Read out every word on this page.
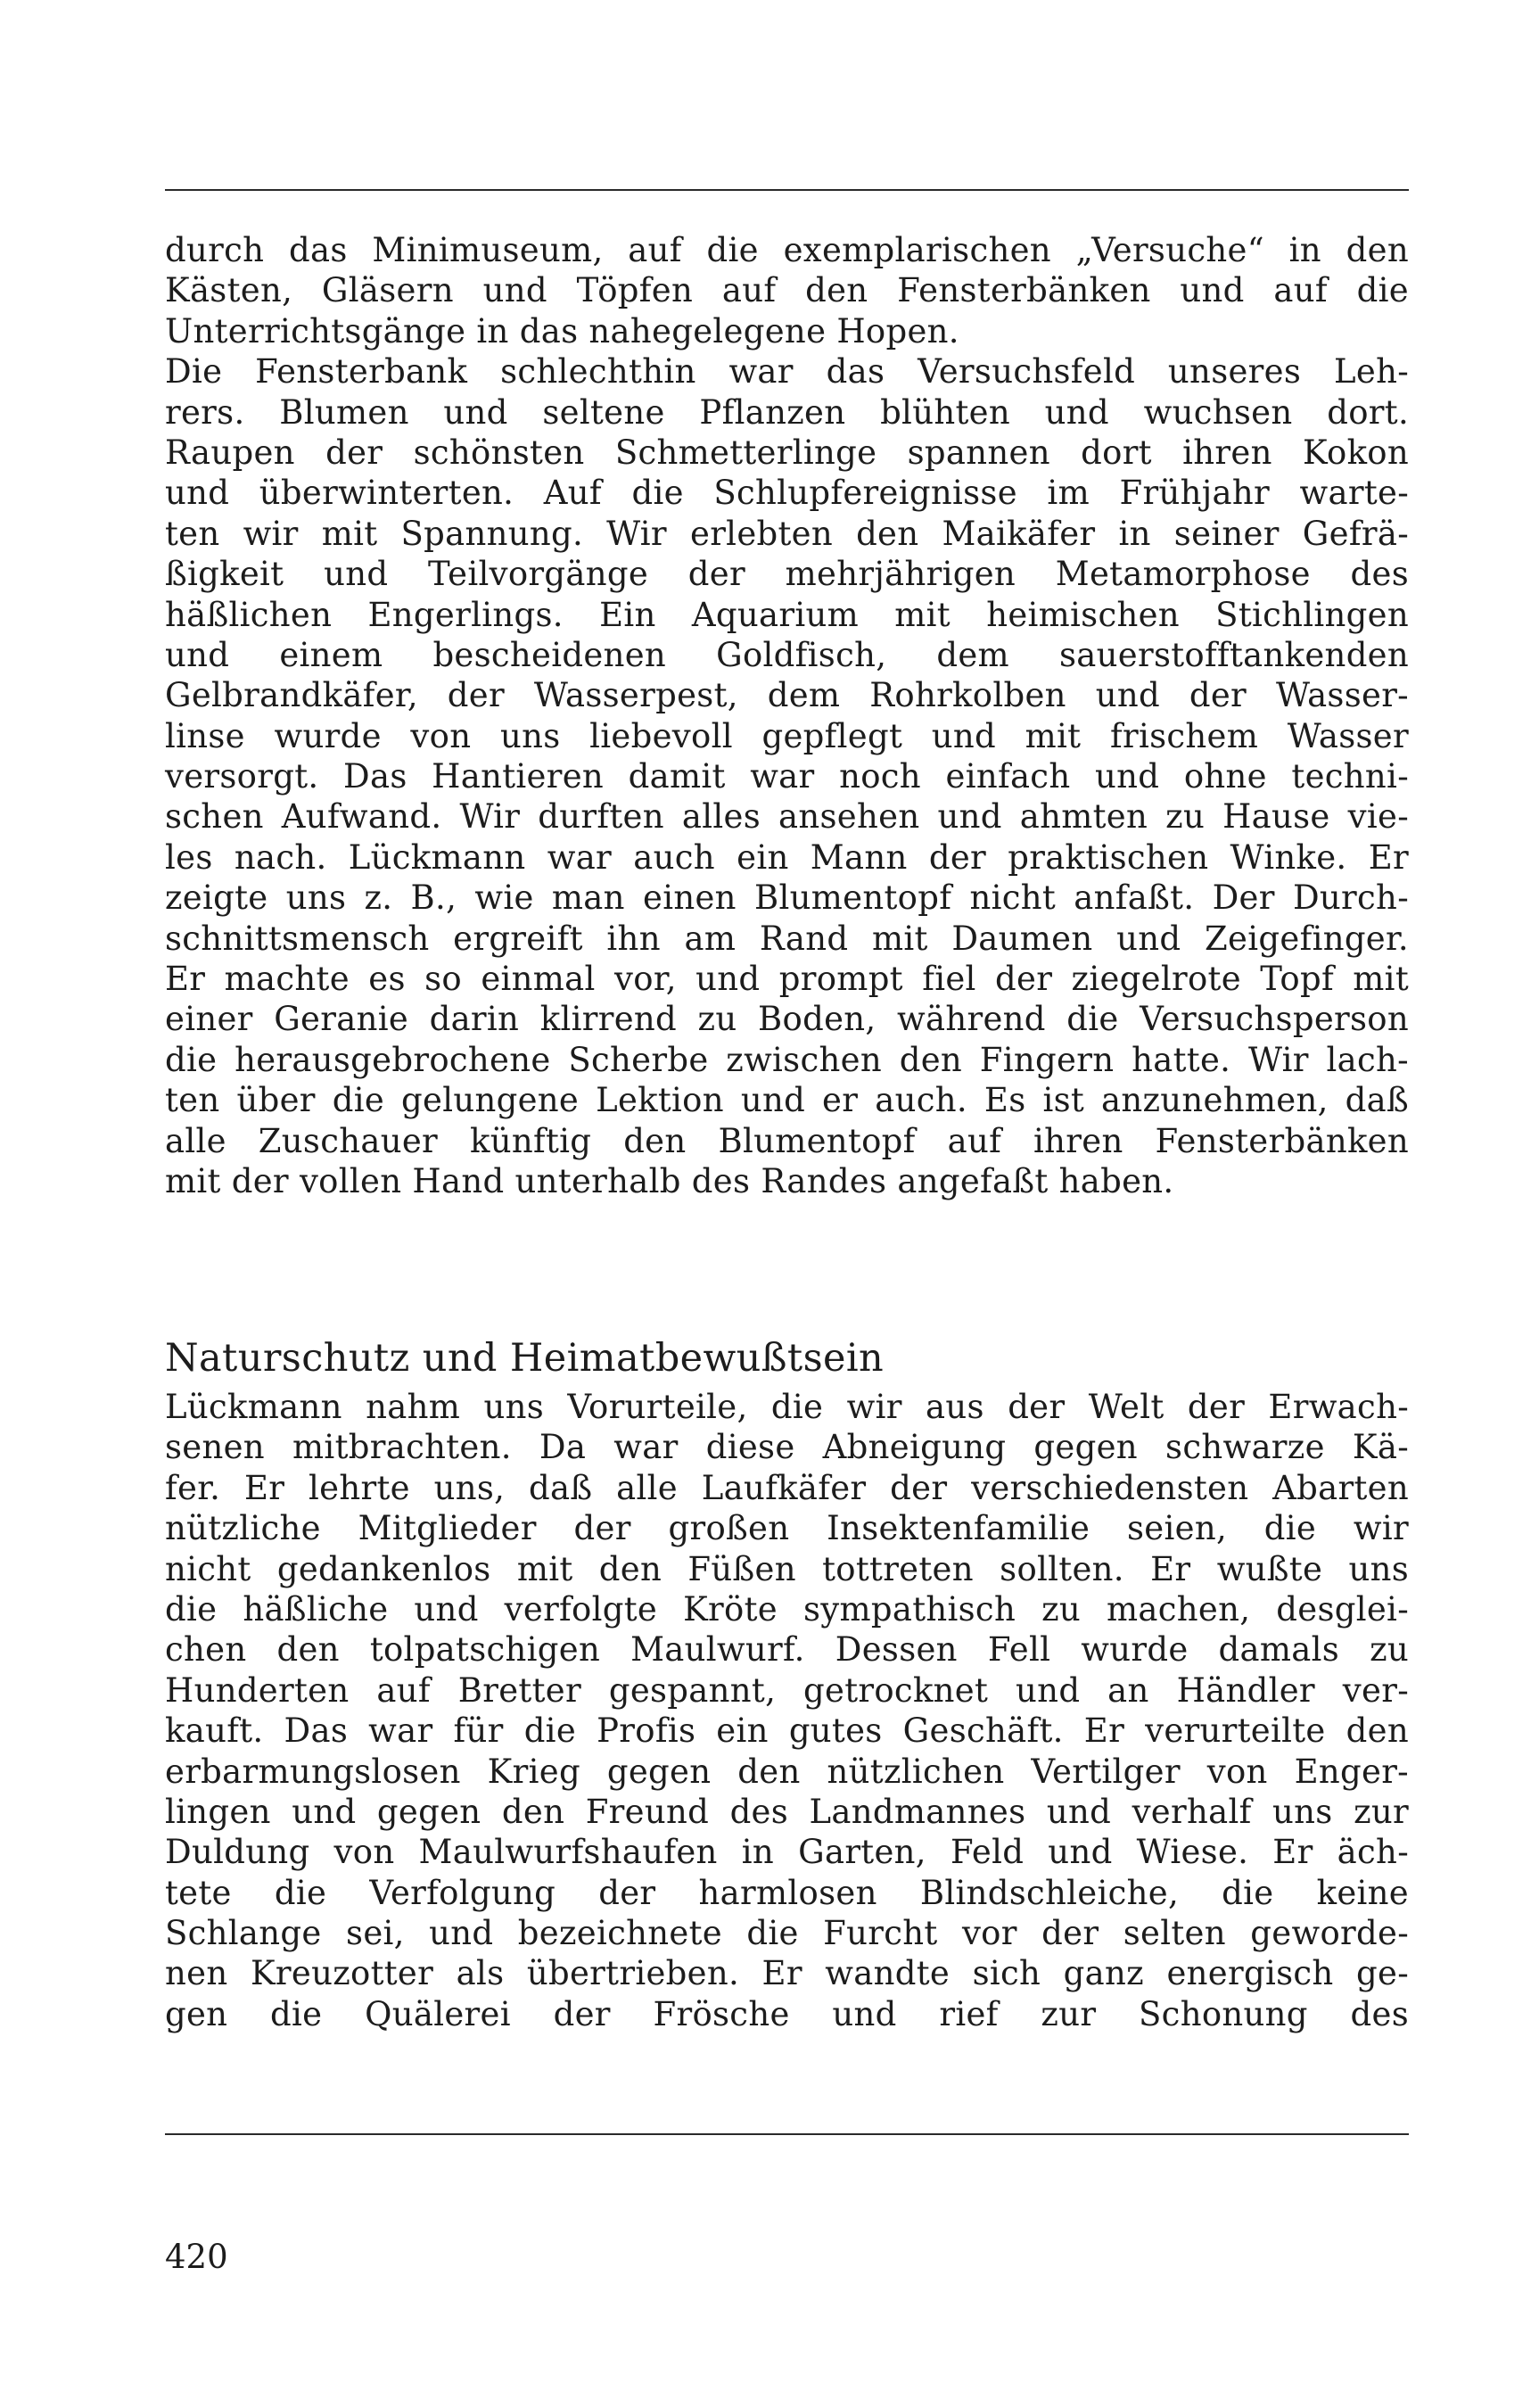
durch das Minimuseum, auf die exemplarischen „Versuche“ in den
Kästen, Gläsern und Töpfen auf den Fensterbänken und auf die
Unterrichtsgänge in das nahegelegene Hopen.
Die Fensterbank schlechthin war das Versuchsfeld unseres Leh-
rers. Blumen und seltene Pflanzen blühten und wuchsen dort.
Raupen der schönsten Schmetterlinge spannen dort ihren Kokon
und überwinterten. Auf die Schlupfereignisse im Frühjahr warte-
ten wir mit Spannung. Wir erlebten den Maikäfer in seiner Gefrä-
ßigkeit und Teilvorgänge der mehrjährigen Metamorphose des
häßlichen Engerlings. Ein Aquarium mit heimischen Stichlingen
und einem bescheidenen Goldfisch, dem sauerstofftankenden
Gelbrandkäfer, der Wasserpest, dem Rohrkolben und der Wasser-
linse wurde von uns liebevoll gepflegt und mit frischem Wasser
versorgt. Das Hantieren damit war noch einfach und ohne techni-
schen Aufwand. Wir durften alles ansehen und ahmten zu Hause vie-
les nach. Lückmann war auch ein Mann der praktischen Winke. Er
zeigte uns z. B., wie man einen Blumentopf nicht anfaßt. Der Durch-
schnittsmensch ergreift ihn am Rand mit Daumen und Zeigefinger.
Er machte es so einmal vor, und prompt fiel der ziegelrote Topf mit
einer Geranie darin klirrend zu Boden, während die Versuchsperson
die herausgebrochene Scherbe zwischen den Fingern hatte. Wir lach-
ten über die gelungene Lektion und er auch. Es ist anzunehmen, daß
alle Zuschauer künftig den Blumentopf auf ihren Fensterbänken
mit der vollen Hand unterhalb des Randes angefaßt haben.
Naturschutz und Heimatbewußtsein
Lückmann nahm uns Vorurteile, die wir aus der Welt der Erwach-
senen mitbrachten. Da war diese Abneigung gegen schwarze Kä-
fer. Er lehrte uns, daß alle Laufkäfer der verschiedensten Abarten
nützliche Mitglieder der großen Insektenfamilie seien, die wir
nicht gedankenlos mit den Füßen tottreten sollten. Er wußte uns
die häßliche und verfolgte Kröte sympathisch zu machen, desglei-
chen den tolpatschigen Maulwurf. Dessen Fell wurde damals zu
Hunderten auf Bretter gespannt, getrocknet und an Händler ver-
kauft. Das war für die Profis ein gutes Geschäft. Er verurteilte den
erbarmungslosen Krieg gegen den nützlichen Vertilger von Enger-
lingen und gegen den Freund des Landmannes und verhalf uns zur
Duldung von Maulwurfshaufen in Garten, Feld und Wiese. Er äch-
tete die Verfolgung der harmlosen Blindschleiche, die keine
Schlange sei, und bezeichnete die Furcht vor der selten geworde-
nen Kreuzotter als übertrieben. Er wandte sich ganz energisch ge-
gen die Quälerei der Frösche und rief zur Schonung des
420
